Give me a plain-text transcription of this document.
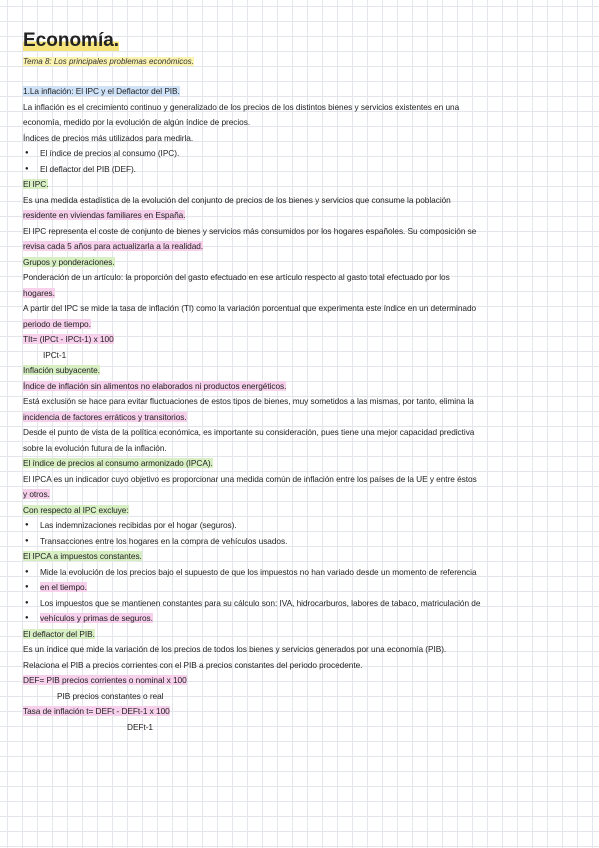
Economía.
Tema 8: Los principales problemas económicos.
1.La inflación: El IPC y el Deflactor del PIB.
La inflación es el crecimiento continuo y generalizado de los precios de los distintos bienes y servicios existentes en una
economía, medido por la evolución de algún índice de precios.
Índices de precios más utilizados para medirla.
● El índice de precios al consumo (IPC).
● El deflactor del PIB (DEF).
El IPC.
Es una medida estadística de la evolución del conjunto de precios de los bienes y servicios que consume la población
residente en viviendas familiares en España.
El IPC representa el coste de conjunto de bienes y servicios más consumidos por los hogares españoles. Su composición se
revisa cada 5 años para actualizarla a la realidad.
Grupos y ponderaciones.
Ponderación de un artículo: la proporción del gasto efectuado en ese artículo respecto al gasto total efectuado por los
hogares.
A partir del IPC se mide la tasa de inflación (TI) como la variación porcentual que experimenta este índice en un determinado
periodo de tiempo.
TIt= (IPCt - IPCt-1) x 100
IPCt-1
Inflación subyacente.
Índice de inflación sin alimentos no elaborados ni productos energéticos.
Está exclusión se hace para evitar fluctuaciones de estos tipos de bienes, muy sometidos a las mismas, por tanto, elimina la
incidencia de factores erráticos y transitorios.
Desde el punto de vista de la política económica, es importante su consideración, pues tiene una mejor capacidad predictiva
sobre la evolución futura de la inflación.
El índice de precios al consumo armonizado (IPCA).
El IPCA es un indicador cuyo objetivo es proporcionar una medida común de inflación entre los países de la UE y entre éstos
y otros.
Con respecto al IPC excluye:
● Las indemnizaciones recibidas por el hogar (seguros).
● Transacciones entre los hogares en la compra de vehículos usados.
El IPCA a impuestos constantes.
● Mide la evolución de los precios bajo el supuesto de que los impuestos no han variado desde un momento de referencia
● en el tiempo.
● Los impuestos que se mantienen constantes para su cálculo son: IVA, hidrocarburos, labores de tabaco, matriculación de
● vehículos y primas de seguros.
El deflactor del PIB.
Es un índice que mide la variación de los precios de todos los bienes y servicios generados por una economía (PIB).
Relaciona el PIB a precios corrientes con el PIB a precios constantes del periodo procedente.
DEF= PIB precios corrientes o nominal x 100
PIB precios constantes o real
Tasa de inflación t= DEFt - DEFt-1 x 100
DEFt-1
